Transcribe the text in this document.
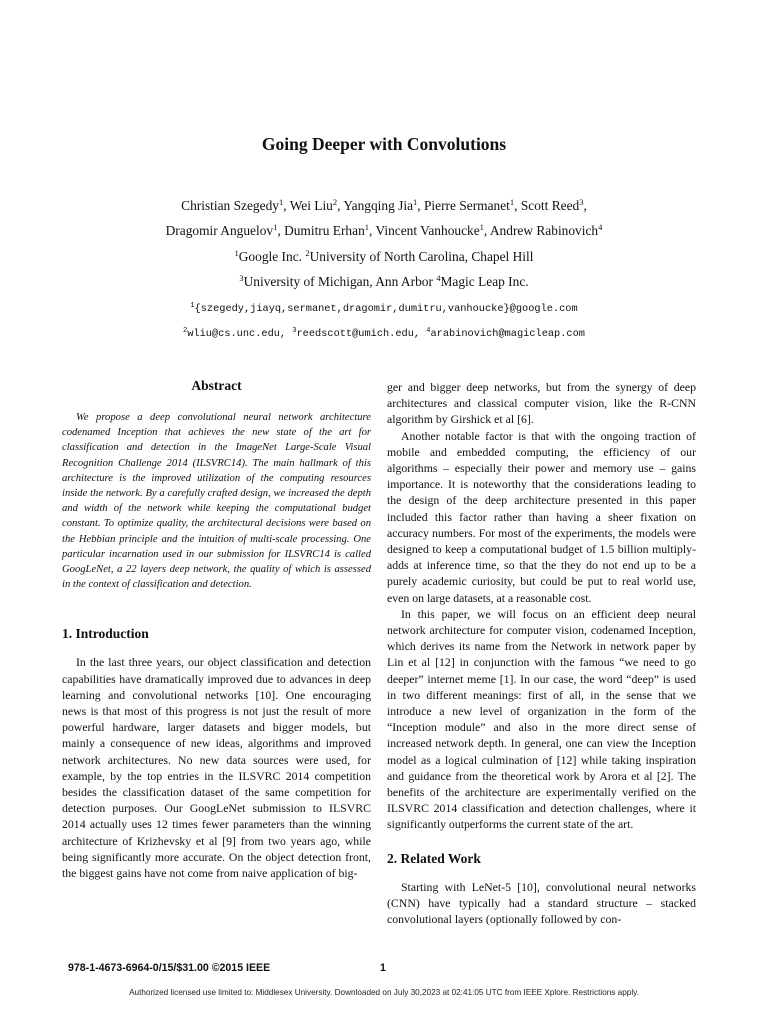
Going Deeper with Convolutions
Christian Szegedy$^1$, Wei Liu$^2$, Yangqing Jia$^1$, Pierre Sermanet$^1$, Scott Reed$^3$,
Dragomir Anguelov$^1$, Dumitru Erhan$^1$, Vincent Vanhoucke$^1$, Andrew Rabinovich$^4$
$^1$Google Inc. $^2$University of North Carolina, Chapel Hill
$^3$University of Michigan, Ann Arbor $^4$Magic Leap Inc.
$^1${szegedy,jiayq,sermanet,dragomir,dumitru,vanhoucke}@google.com
$^2$wliu@cs.unc.edu, $^3$reedscott@umich.edu, $^4$arabinovich@magicleap.com
Abstract

We propose a deep convolutional neural network architecture codenamed Inception that achieves the new state of the art for classification and detection in the ImageNet Large-Scale Visual Recognition Challenge 2014 (ILSVRC14). The main hallmark of this architecture is the improved utilization of the computing resources inside the network. By a carefully crafted design, we increased the depth and width of the network while keeping the computational budget constant. To optimize quality, the architectural decisions were based on the Hebbian principle and the intuition of multi-scale processing. One particular incarnation used in our submission for ILSVRC14 is called GoogLeNet, a 22 layers deep network, the quality of which is assessed in the context of classification and detection.

1. Introduction

In the last three years, our object classification and detection capabilities have dramatically improved due to advances in deep learning and convolutional networks [10]. One encouraging news is that most of this progress is not just the result of more powerful hardware, larger datasets and bigger models, but mainly a consequence of new ideas, algorithms and improved network architectures. No new data sources were used, for example, by the top entries in the ILSVRC 2014 competition besides the classification dataset of the same competition for detection purposes. Our GoogLeNet submission to ILSVRC 2014 actually uses 12 times fewer parameters than the winning architecture of Krizhevsky et al [9] from two years ago, while being significantly more accurate. On the object detection front, the biggest gains have not come from naive application of big-

ger and bigger deep networks, but from the synergy of deep architectures and classical computer vision, like the R-CNN algorithm by Girshick et al [6].

Another notable factor is that with the ongoing traction of mobile and embedded computing, the efficiency of our algorithms – especially their power and memory use – gains importance. It is noteworthy that the considerations leading to the design of the deep architecture presented in this paper included this factor rather than having a sheer fixation on accuracy numbers. For most of the experiments, the models were designed to keep a computational budget of 1.5 billion multiply-adds at inference time, so that the they do not end up to be a purely academic curiosity, but could be put to real world use, even on large datasets, at a reasonable cost.

In this paper, we will focus on an efficient deep neural network architecture for computer vision, codenamed Inception, which derives its name from the Network in network paper by Lin et al [12] in conjunction with the famous “we need to go deeper” internet meme [1]. In our case, the word “deep” is used in two different meanings: first of all, in the sense that we introduce a new level of organization in the form of the “Inception module” and also in the more direct sense of increased network depth. In general, one can view the Inception model as a logical culmination of [12] while taking inspiration and guidance from the theoretical work by Arora et al [2]. The benefits of the architecture are experimentally verified on the ILSVRC 2014 classification and detection challenges, where it significantly outperforms the current state of the art.

2. Related Work

Starting with LeNet-5 [10], convolutional neural networks (CNN) have typically had a standard structure – stacked convolutional layers (optionally followed by con-

978-1-4673-6964-0/15/$31.00 ©2015 IEEE	1
Authorized licensed use limited to: Middlesex University. Downloaded on July 30,2023 at 02:41:05 UTC from IEEE Xplore. Restrictions apply.
